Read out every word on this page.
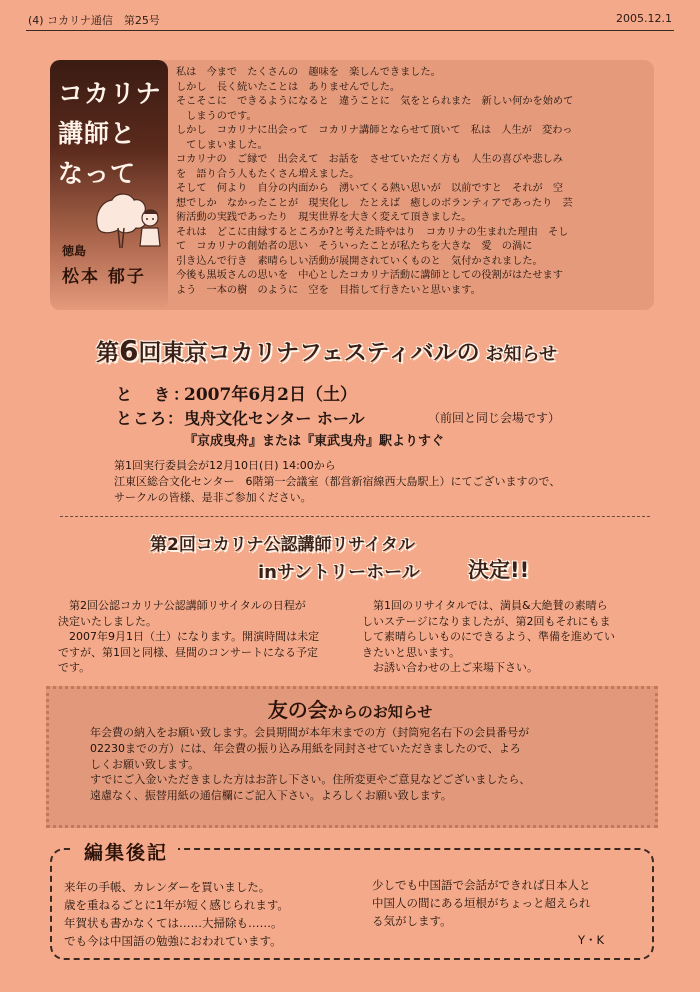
(4) コカリナ通信　第25号	2005.12.1
コカリナ
講師と
なって
徳島
松本 郁子

私は　今まで　たくさんの　趣味を　楽しんできました。

しかし　長く続いたことは　ありませんでした。

そこそこに　できるようになると　違うことに　気をとられまた　新しい何かを始めて

　しまうのです。

しかし　コカリナに出会って　コカリナ講師とならせて頂いて　私は　人生が　変わっ

　てしまいました。

コカリナの　ご縁で　出会えて　お話を　させていただく方も　人生の喜びや悲しみ

を　語り合う人もたくさん増えました。

そして　何より　自分の内面から　湧いてくる熱い思いが　以前ですと　それが　空

想でしか　なかったことが　現実化し　たとえば　癒しのボランティアであったり　芸

術活動の実践であったり　現実世界を大きく変えて頂きました。

それは　どこに由縁するところか?と考えた時やはり　コカリナの生まれた理由　そし

て　コカリナの創始者の思い　そういったことが私たちを大きな　愛　の渦に

引き込んで行き　素晴らしい活動が展開されていくものと　気付かされました。

今後も黒坂さんの思いを　中心としたコカリナ活動に講師としての役割がはたせます

よう　一本の樹　のように　空を　目指して行きたいと思います。

第6回東京コカリナフェスティバルの お知らせ
と　き：
2007年6月2日（土）
ところ： 曳舟文化センター ホール	（前回と同じ会場です）
『京成曳舟』または『東武曳舟』駅よりすぐ
第1回実行委員会が12月10日(日) 14:00から
江東区総合文化センター　6階第一会議室（都営新宿線西大島駅上）にてございますので、
サークルの皆様、是非ご参加ください。
第2回コカリナ公認講師リサイタル
inサントリーホール 決定!!
　第2回公認コカリナ公認講師リサイタルの日程が
決定いたしました。
　2007年9月1日（土）になります。開演時間は未定
ですが、第1回と同様、昼間のコンサートになる予定
です。
　第1回のリサイタルでは、満員&大絶賛の素晴ら
しいステージになりましたが、第2回もそれにもま
して素晴らしいものにできるよう、準備を進めてい
きたいと思います。
　お誘い合わせの上ご来場下さい。
友の会からのお知らせ
年会費の納入をお願い致します。会員期間が本年末までの方（封筒宛名右下の会員番号が
02230までの方）には、年会費の振り込み用紙を同封させていただきましたので、よろ
しくお願い致します。
すでにご入金いただきました方はお許し下さい。住所変更やご意見などございましたら、
遠慮なく、振替用紙の通信欄にご記入下さい。よろしくお願い致します。
編集後記
来年の手帳、カレンダーを買いました。
歳を重ねるごとに1年が短く感じられます。
年賀状も書かなくては……大掃除も……。
でも今は中国語の勉強におわれています。
少しでも中国語で会話ができれば日本人と
中国人の間にある垣根がちょっと超えられ
る気がします。
Y・K
